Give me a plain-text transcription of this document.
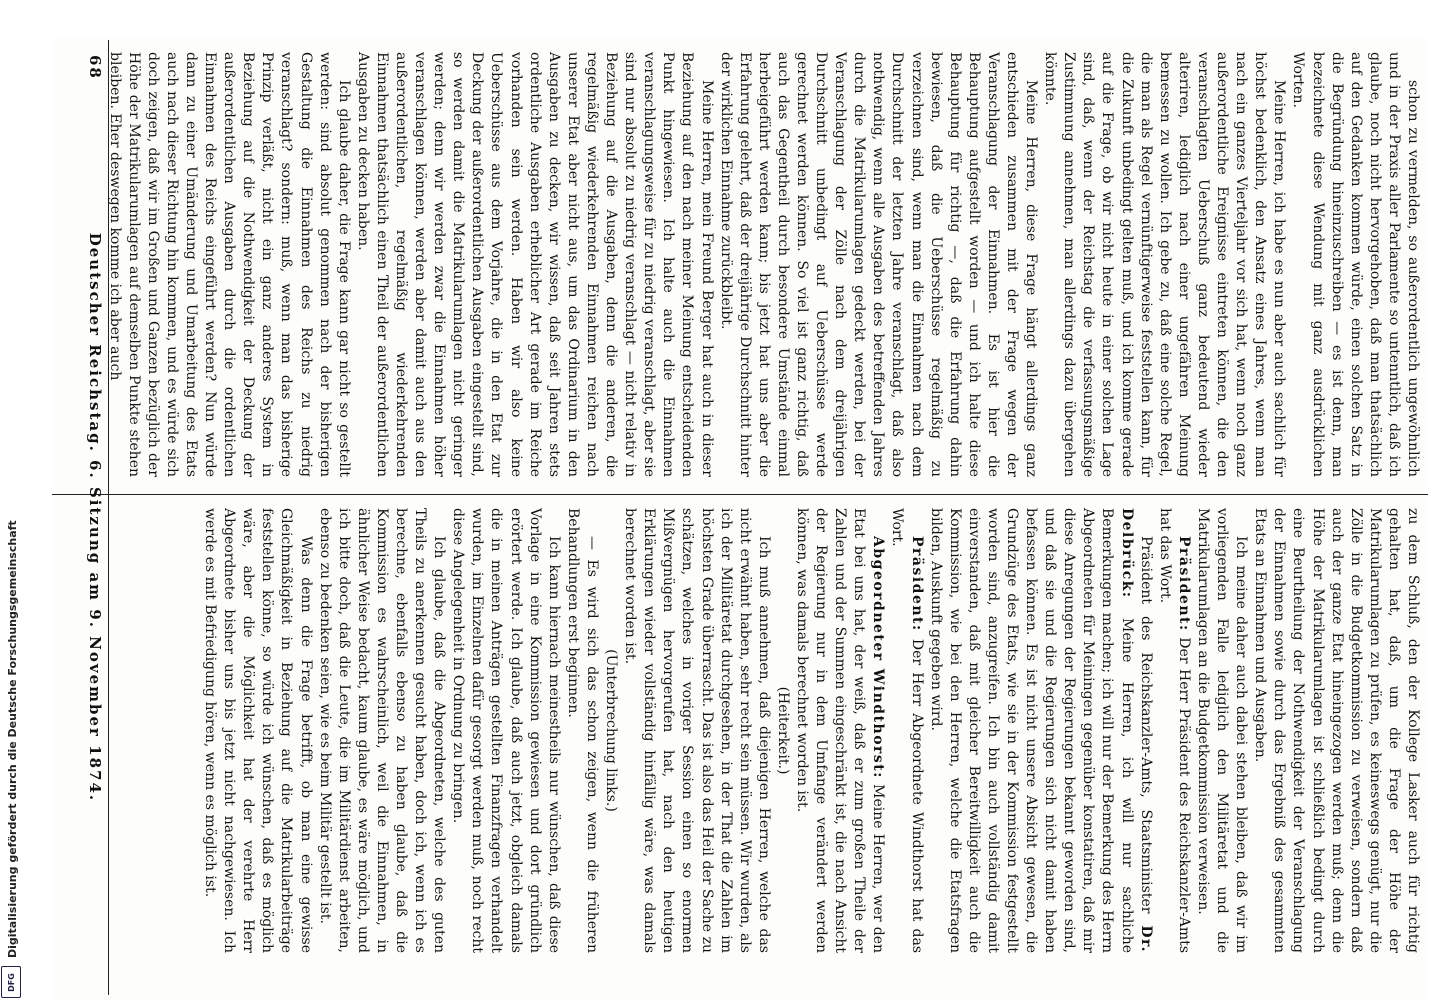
68
Deutscher Reichstag. 6. Sitzung am 9. November 1874.	schon zu vermelden, so außerordentlich ungewöhnlich und in der Praxis aller Parlamente so untenntlich, daß ich glaube, noch nicht hervorgehoben, daß man thatsächlich auf den Gedanken kommen würde, einen solchen Satz in die Begründung hineinzuschreiben — es ist denn, man bezeichnete diese Wendung mit ganz ausdrücklichen Worten.

Meine Herren, ich habe es nun aber auch sachlich für höchst bedenklich, den Ansatz eines Jahres, wenn man nach ein ganzes Vierteljahr vor sich hat, wenn noch ganz außerordentliche Ereignisse eintreten können, die den veranschlagten Ueberschuß ganz bedeutend wieder alteriren, lediglich nach einer ungefähren Meinung bemessen zu wollen. Ich gebe zu, daß eine solche Regel, die man als Regel vernünftigerweise feststellen kann, für die Zukunft unbedingt gelten muß, und ich komme gerade auf die Frage, ob wir nicht heute in einer solchen Lage sind, daß, wenn der Reichstag die verfassungsmäßige Zustimmung annehmen, man allerdings dazu übergehen könnte.

Meine Herren, diese Frage hängt allerdings ganz entschieden zusammen mit der Frage wegen der Veranschlagung der Einnahmen. Es ist hier die Behauptung aufgestellt worden — und ich halte diese Behauptung für richtig —, daß die Erfahrung dahin bewiesen, daß die Ueberschüsse regelmäßig zu verzeichnen sind, wenn man die Einnahmen nach dem Durchschnitt der letzten Jahre veranschlagt, daß also nothwendig, wenn alle Ausgaben des betreffenden Jahres durch die Matrikularumlagen gedeckt werden, bei der Veranschlagung der Zölle nach dem dreijährigen Durchschnitt unbedingt auf Ueberschüsse werde gerechnet werden können. So viel ist ganz richtig, daß auch das Gegentheil durch besondere Umstände einmal herbeigeführt werden kann; bis jetzt hat uns aber die Erfahrung gelehrt, daß der dreijährige Durchschnitt hinter der wirklichen Einnahme zurückbleibt.

Meine Herren, mein Freund Berger hat auch in dieser Beziehung auf den nach meiner Meinung entscheidenden Punkt hingewiesen. Ich halte auch die Einnahmen veranschlagungsweise für zu niedrig veranschlagt, aber sie sind nur absolut zu niedrig veranschlagt — nicht relativ in Beziehung auf die Ausgaben, denn die anderen, die regelmäßig wiederkehrenden Einnahmen reichen nach unserer Etat aber nicht aus, um das Ordinarium in den Ausgaben zu decken, wir wissen, daß seit Jahren stets ordentliche Ausgaben erheblicher Art gerade im Reiche vorhanden sein werden. Haben wir also keine Ueberschüsse aus dem Vorjahre, die in den Etat zur Deckung der außerordentlichen Ausgaben eingestellt sind, so werden damit die Matrikularumlagen nicht geringer werden; denn wir werden zwar die Einnahmen höher veranschlagen können, werden aber damit auch aus den außerordentlichen, regelmäßig wiederkehrenden Einnahmen thatsächlich einen Theil der außerordentlichen Ausgaben zu decken haben.

Ich glaube daher, die Frage kann gar nicht so gestellt werden: sind absolut genommen nach der bisherigen Gestaltung die Einnahmen des Reichs zu niedrig veranschlagt? sondern: muß, wenn man das bisherige Prinzip verläßt, nicht ein ganz anderes System in Beziehung auf die Nothwendigkeit der Deckung der außerordentlichen Ausgaben durch die ordentlichen Einnahmen des Reichs eingeführt werden? Nun würde dann zu einer Umänderung und Umarbeitung des Etats auch nach dieser Richtung hin kommen, und es würde sich doch zeigen, daß wir im Großen und Ganzen bezüglich der Höhe der Matrikularumlagen auf demselben Punkte stehen bleiben. Eher deswegen komme ich aber auch

zu dem Schluß, den der Kollege Lasker auch für richtig gehalten hat, daß, um die Frage der Höhe der Matrikularumlagen zu prüfen, es keineswegs genügt, nur die Zölle in die Budgetkommission zu verweisen, sondern daß auch der ganze Etat hineingezogen werden muß; denn die Höhe der Matrikularumlagen ist schließlich bedingt durch eine Beurtheilung der Nothwendigkeit der Veranschlagung der Einnahmen sowie durch das Ergebniß des gesammten Etats an Einnahmen und Ausgaben.

Ich meine daher auch dabei stehen bleiben, daß wir im vorliegenden Falle lediglich den Militäretat und die Matrikularumlagen an die Budgetkommission verweisen.

Präsident: Der Herr Präsident des Reichskanzler-Amts hat das Wort.

Präsident des Reichskanzler-Amts, Staatsminister Dr. Delbrück: Meine Herren, ich will nur sachliche Bemerkungen machen; ich will nur der Bemerkung des Herrn Abgeordneten für Meiningen gegenüber konstatiren, daß mir diese Anregungen der Regierungen bekannt geworden sind, und daß sie und die Regierungen sich nicht damit haben befassen können. Es ist nicht unsere Absicht gewesen, die Grundzüge des Etats, wie sie in der Kommission festgestellt worden sind, anzugreifen. Ich bin auch vollständig damit einverstanden, daß mit gleicher Bereitwilligkeit auch die Kommission, wie bei den Herren, welche die Etatsfragen bilden, Auskunft gegeben wird.

Präsident: Der Herr Abgeordnete Windthorst hat das Wort.

Abgeordneter Windthorst: Meine Herren, wer den Etat bei uns hat, der weiß, daß er zum großen Theile der Zahlen und der Summen eingeschränkt ist, die nach Ansicht der Regierung nur in dem Umfange verändert werden können, was damals berechnet worden ist.

(Heiterkeit.)

Ich muß annehmen, daß diejenigen Herren, welche das nicht erwähnt haben, sehr recht sein müssen. Wir wurden, als ich der Militäretat durchgesehen, in der That die Zahlen im höchsten Grade überrascht. Das ist also das Heil der Sache zu schätzen, welches in voriger Session einen so enormen Mißvergnügen hervorgerufen hat, nach den heutigen Erklärungen wieder vollständig hinfällig wäre, was damals berechnet worden ist.

(Unterbrechung links.)

— Es wird sich das schon zeigen, wenn die früheren Behandlungen erst beginnen.

Ich kann hiernach meinestheils nur wünschen, daß diese Vorlage in eine Kommission gewiesen und dort gründlich erörtert werde. Ich glaube, daß auch jetzt, obgleich damals die in meinen Anträgen gestellten Finanzfragen verhandelt wurden, im Einzelnen dafür gesorgt werden muß, noch recht diese Angelegenheit in Ordnung zu bringen.

Ich glaube, daß die Abgeordneten, welche des guten Theils zu anerkennen gesucht haben, doch ich, wenn ich es berechne, ebenfalls ebenso zu haben glaube, daß die Kommission es wahrscheinlich, weil die Einnahmen, in ähnlicher Weise bedacht, kaum glaube, es wäre möglich, und ich bitte doch, daß die Leute, die im Militärdienst arbeiten, ebenso zu bedenken seien, wie es beim Militär gestellt ist.

Was denn die Frage betrifft, ob man eine gewisse Gleichmäßigkeit in Beziehung auf die Matrikularbeiträge feststellen könne, so würde ich wünschen, daß es möglich wäre, aber die Möglichkeit hat der verehrte Herr Abgeordnete bisher uns bis jetzt nicht nachgewiesen. Ich werde es mit Befriedigung hören, wenn es möglich ist.

Digitalisierung gefördert durch die Deutsche Forschungsgemeinschaft
DFG
